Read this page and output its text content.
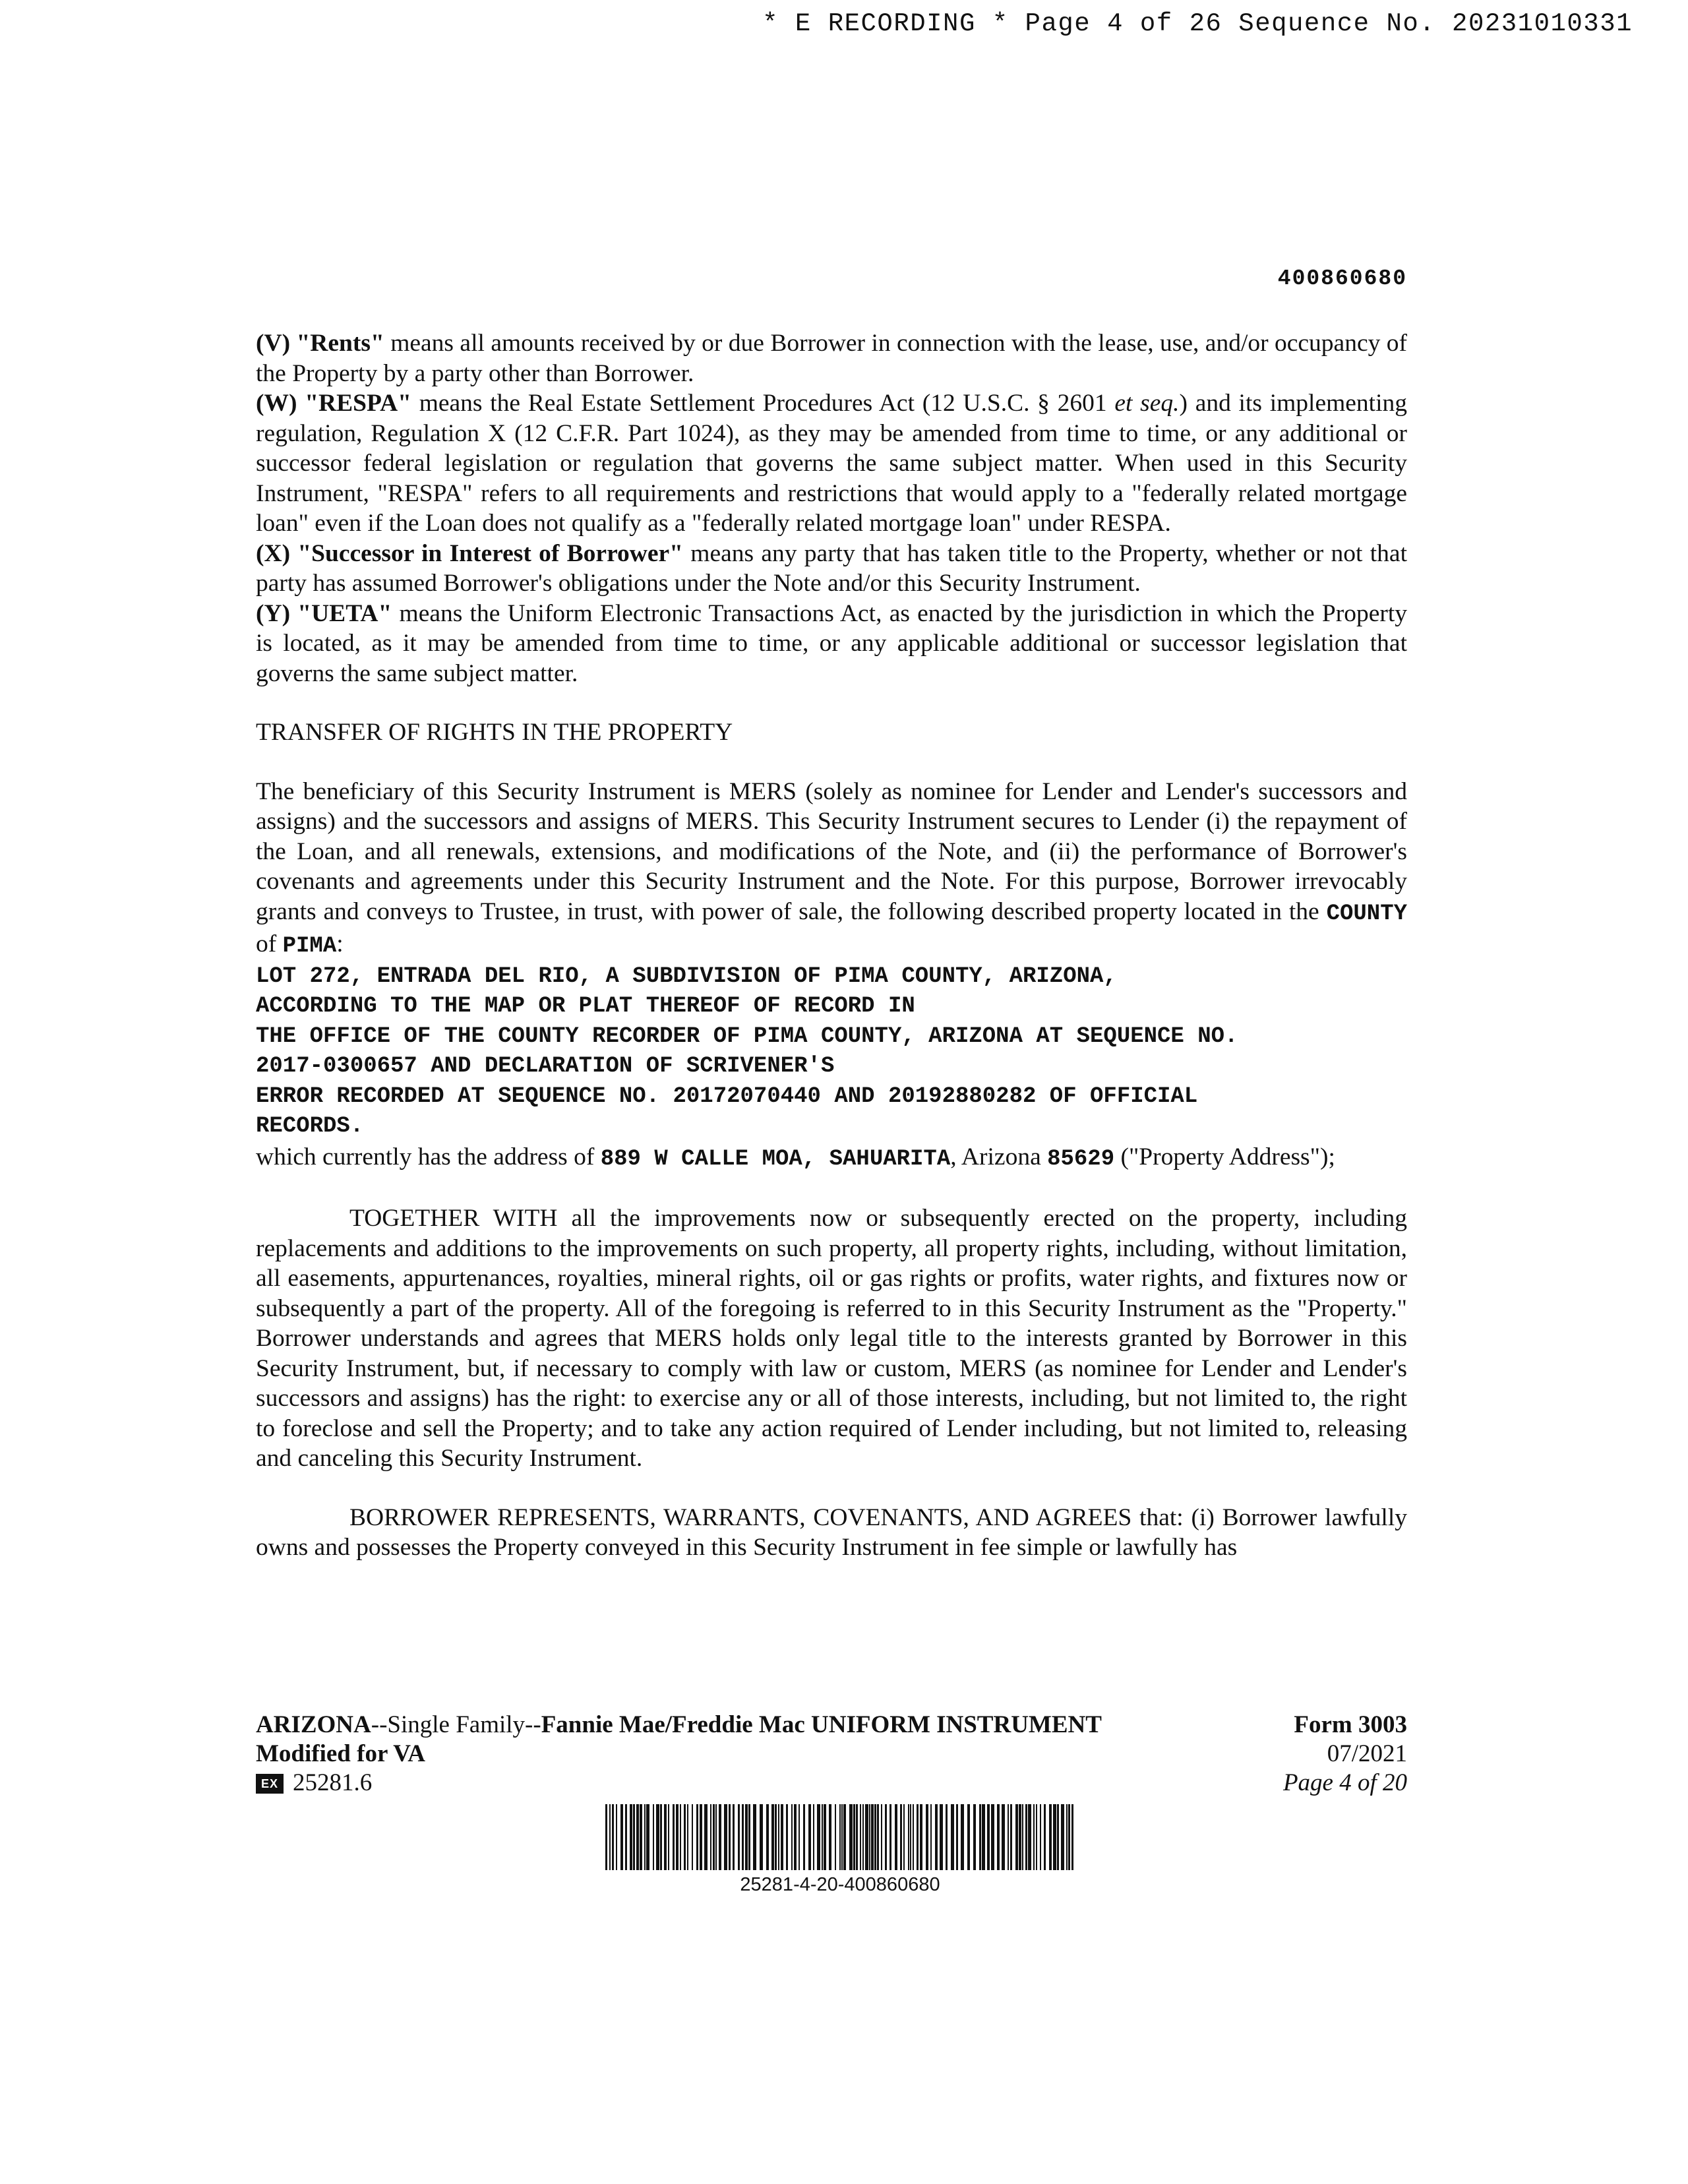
* E RECORDING * Page 4 of 26 Sequence No. 20231010331
400860680

(V) "Rents" means all amounts received by or due Borrower in connection with the lease, use, and/or occupancy of the Property by a party other than Borrower.

(W) "RESPA" means the Real Estate Settlement Procedures Act (12 U.S.C. § 2601 et seq.) and its implementing regulation, Regulation X (12 C.F.R. Part 1024), as they may be amended from time to time, or any additional or successor federal legislation or regulation that governs the same subject matter. When used in this Security Instrument, "RESPA" refers to all requirements and restrictions that would apply to a "federally related mortgage loan" even if the Loan does not qualify as a "federally related mortgage loan" under RESPA.

(X) "Successor in Interest of Borrower" means any party that has taken title to the Property, whether or not that party has assumed Borrower's obligations under the Note and/or this Security Instrument.

(Y) "UETA" means the Uniform Electronic Transactions Act, as enacted by the jurisdiction in which the Property is located, as it may be amended from time to time, or any applicable additional or successor legislation that governs the same subject matter.

TRANSFER OF RIGHTS IN THE PROPERTY

The beneficiary of this Security Instrument is MERS (solely as nominee for Lender and Lender's successors and assigns) and the successors and assigns of MERS. This Security Instrument secures to Lender (i) the repayment of the Loan, and all renewals, extensions, and modifications of the Note, and (ii) the performance of Borrower's covenants and agreements under this Security Instrument and the Note. For this purpose, Borrower irrevocably grants and conveys to Trustee, in trust, with power of sale, the following described property located in the COUNTY of PIMA:

LOT 272, ENTRADA DEL RIO, A SUBDIVISION OF PIMA COUNTY, ARIZONA,

ACCORDING TO THE MAP OR PLAT THEREOF OF RECORD IN

THE OFFICE OF THE COUNTY RECORDER OF PIMA COUNTY, ARIZONA AT SEQUENCE NO.

2017-0300657 AND DECLARATION OF SCRIVENER'S

ERROR RECORDED AT SEQUENCE NO. 20172070440 AND 20192880282 OF OFFICIAL

RECORDS.

which currently has the address of 889 W CALLE MOA, SAHUARITA, Arizona 85629 ("Property Address");

TOGETHER WITH all the improvements now or subsequently erected on the property, including replacements and additions to the improvements on such property, all property rights, including, without limitation, all easements, appurtenances, royalties, mineral rights, oil or gas rights or profits, water rights, and fixtures now or subsequently a part of the property. All of the foregoing is referred to in this Security Instrument as the "Property." Borrower understands and agrees that MERS holds only legal title to the interests granted by Borrower in this Security Instrument, but, if necessary to comply with law or custom, MERS (as nominee for Lender and Lender's successors and assigns) has the right: to exercise any or all of those interests, including, but not limited to, the right to foreclose and sell the Property; and to take any action required of Lender including, but not limited to, releasing and canceling this Security Instrument.

BORROWER REPRESENTS, WARRANTS, COVENANTS, AND AGREES that: (i) Borrower lawfully owns and possesses the Property conveyed in this Security Instrument in fee simple or lawfully has

ARIZONA--Single Family--Fannie Mae/Freddie Mac UNIFORM INSTRUMENT
Modified for VA
EX 25281.6
Form 3003
07/2021
Page 4 of 20
25281-4-20-400860680
